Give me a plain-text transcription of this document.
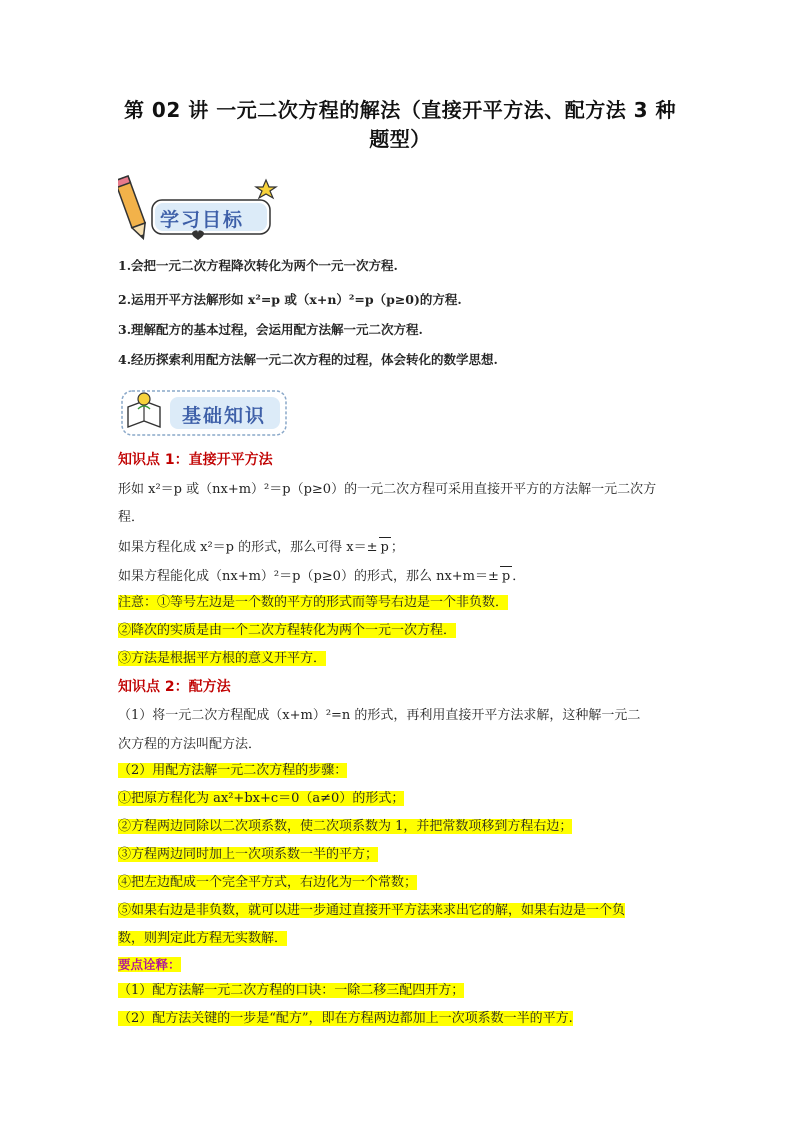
第 02 讲 一元二次方程的解法（直接开平方法、配方法 3 种
题型）
学习目标
1.会把一元二次方程降次转化为两个一元一次方程.
2.运用开平方法解形如 x²=p 或（x+n）²=p（p≥0)的方程.
3.理解配方的基本过程，会运用配方法解一元二次方程.
4.经历探索利用配方法解一元二次方程的过程，体会转化的数学思想.
基础知识
知识点 1：直接开平方法
形如 x²＝p 或（nx+m）²＝p（p≥0）的一元二次方程可采用直接开平方的方法解一元二次方
程．
如果方程化成 x²＝p 的形式，那么可得 x＝± p ；
如果方程能化成（nx+m）²＝p（p≥0）的形式，那么 nx+m＝± p ．
注意：①等号左边是一个数的平方的形式而等号右边是一个非负数．
②降次的实质是由一个二次方程转化为两个一元一次方程．
③方法是根据平方根的意义开平方．
知识点 2：配方法
（1）将一元二次方程配成（x+m）²=n 的形式，再利用直接开平方法求解，这种解一元二
次方程的方法叫配方法．
（2）用配方法解一元二次方程的步骤：
①把原方程化为 ax²+bx+c＝0（a≠0）的形式；
②方程两边同除以二次项系数，使二次项系数为 1，并把常数项移到方程右边；
③方程两边同时加上一次项系数一半的平方；
④把左边配成一个完全平方式，右边化为一个常数；
⑤如果右边是非负数，就可以进一步通过直接开平方法来求出它的解，如果右边是一个负
数，则判定此方程无实数解．
要点诠释：
（1）配方法解一元二次方程的口诀：一除二移三配四开方；
（2）配方法关键的一步是“配方”，即在方程两边都加上一次项系数一半的平方.
